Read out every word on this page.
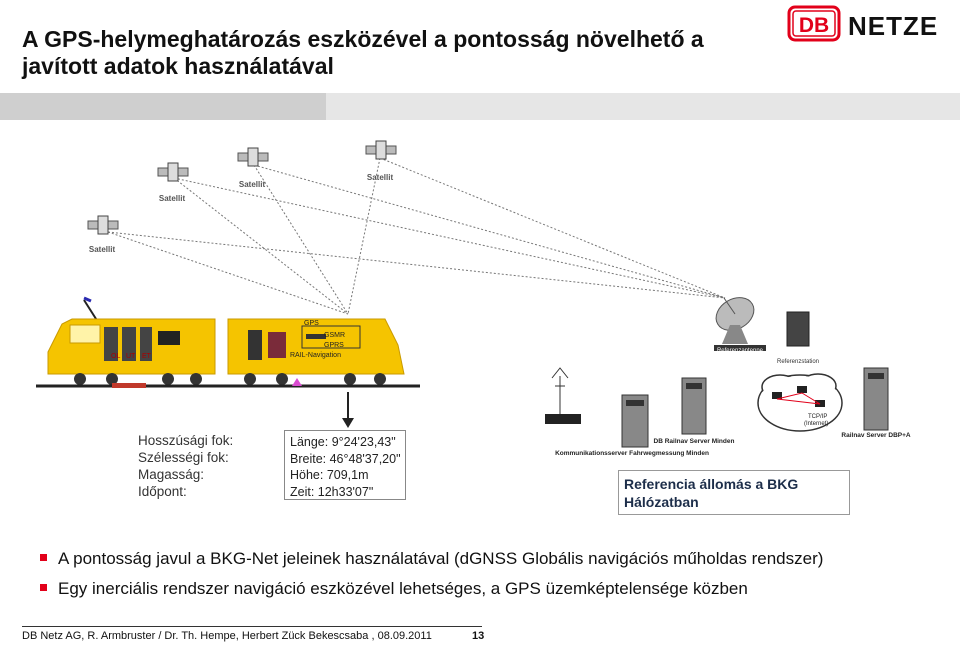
A GPS-helymeghatározás eszközével a pontosság növelhető a javított adatok használatával
DB NETZE
Satellit
Satellit
Satellit
Satellit
OL UT ET
GPS
GSMR
GPRS
RAIL-Navigation
Referenzantenne
Referenzstation
Kommunikationsserver Fahrwegmessung Minden
DB Railnav Server Minden
Railnav Server DBP+A
TCP/IP
(Internet)
Hosszúsági fok:
Szélességi fok:
Magasság:
Időpont:
Länge: 9°24'23,43"
Breite: 46°48'37,20"
Höhe: 709,1m
Zeit: 12h33'07"	Referencia állomás a BKG
Hálózatban
A pontosság javul a BKG-Net jeleinek használatával (dGNSS Globális navigációs műholdas rendszer)
Egy inerciális rendszer navigáció eszközével lehetséges, a GPS üzemképtelensége közben
DB Netz AG, R. Armbruster / Dr. Th. Hempe, Herbert Zück Bekescsaba , 08.09.2011	13
